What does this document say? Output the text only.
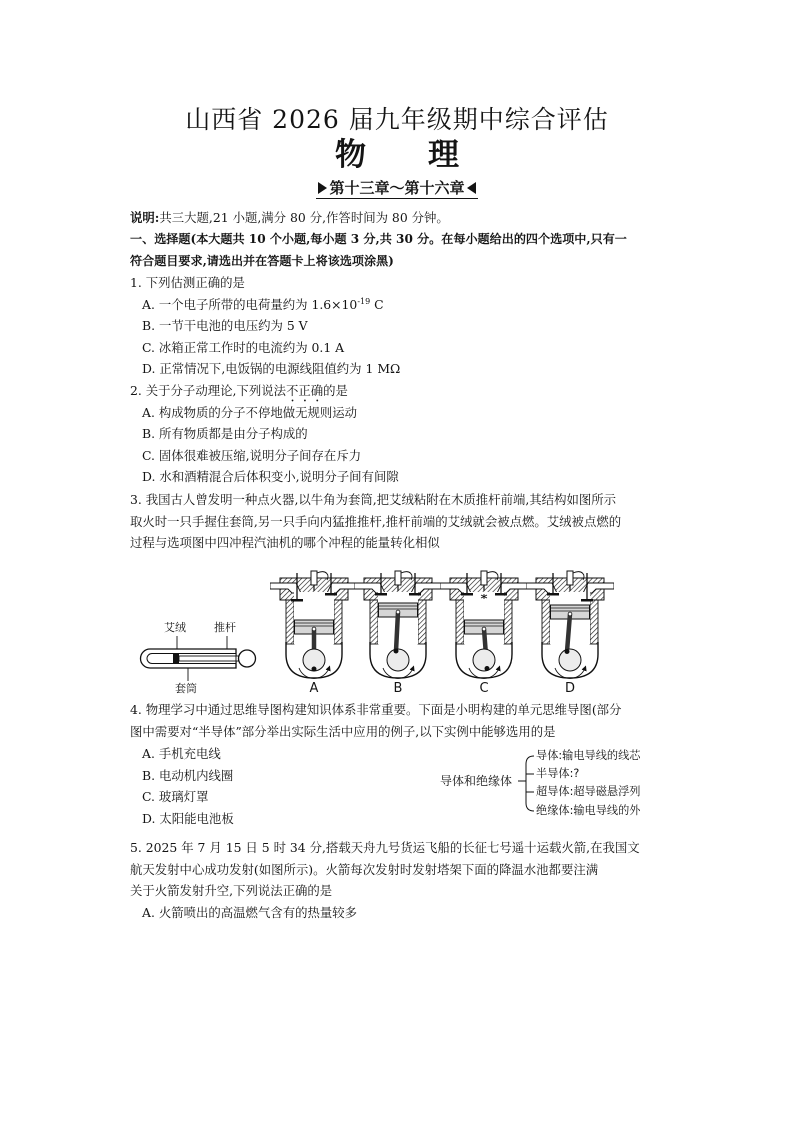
山西省 2026 届九年级期中综合评估
物　　理
第十三章～第十六章
说明:共三大题,21 小题,满分 80 分,作答时间为 80 分钟。
一、选择题(本大题共 10 个小题,每小题 3 分,共 30 分。在每小题给出的四个选项中,只有一
符合题目要求,请选出并在答题卡上将该选项涂黑)
1. 下列估测正确的是
A. 一个电子所带的电荷量约为 $1.6\times 10^{-19}$ C
B. 一节干电池的电压约为 5 V
C. 冰箱正常工作时的电流约为 0.1 A
D. 正常情况下,电饭锅的电源线阻值约为 1 MΩ
2. 关于分子动理论,下列说法不正确的是
A. 构成物质的分子不停地做无规则运动
B. 所有物质都是由分子构成的
C. 固体很难被压缩,说明分子间存在斥力
D. 水和酒精混合后体积变小,说明分子间有间隙
3. 我国古人曾发明一种点火器,以牛角为套筒,把艾绒粘附在木质推杆前端,其结构如图所示
取火时一只手握住套筒,另一只手向内猛推推杆,推杆前端的艾绒就会被点燃。艾绒被点燃的
过程与选项图中四冲程汽油机的哪个冲程的能量转化相似
艾绒	推杆
套筒	A	B	C	D
4. 物理学习中通过思维导图构建知识体系非常重要。下面是小明构建的单元思维导图(部分
图中需要对“半导体”部分举出实际生活中应用的例子,以下实例中能够选用的是
A. 手机充电线
B. 电动机内线圈
C. 玻璃灯罩
D. 太阳能电池板
导体和绝缘体
导体:输电导线的线芯
半导体:?
超导体:超导磁悬浮列
绝缘体:输电导线的外
5. 2025 年 7 月 15 日 5 时 34 分,搭载天舟九号货运飞船的长征七号遥十运载火箭,在我国文
航天发射中心成功发射(如图所示)。火箭每次发射时发射塔架下面的降温水池都要注满
关于火箭发射升空,下列说法正确的是
A. 火箭喷出的高温燃气含有的热量较多
